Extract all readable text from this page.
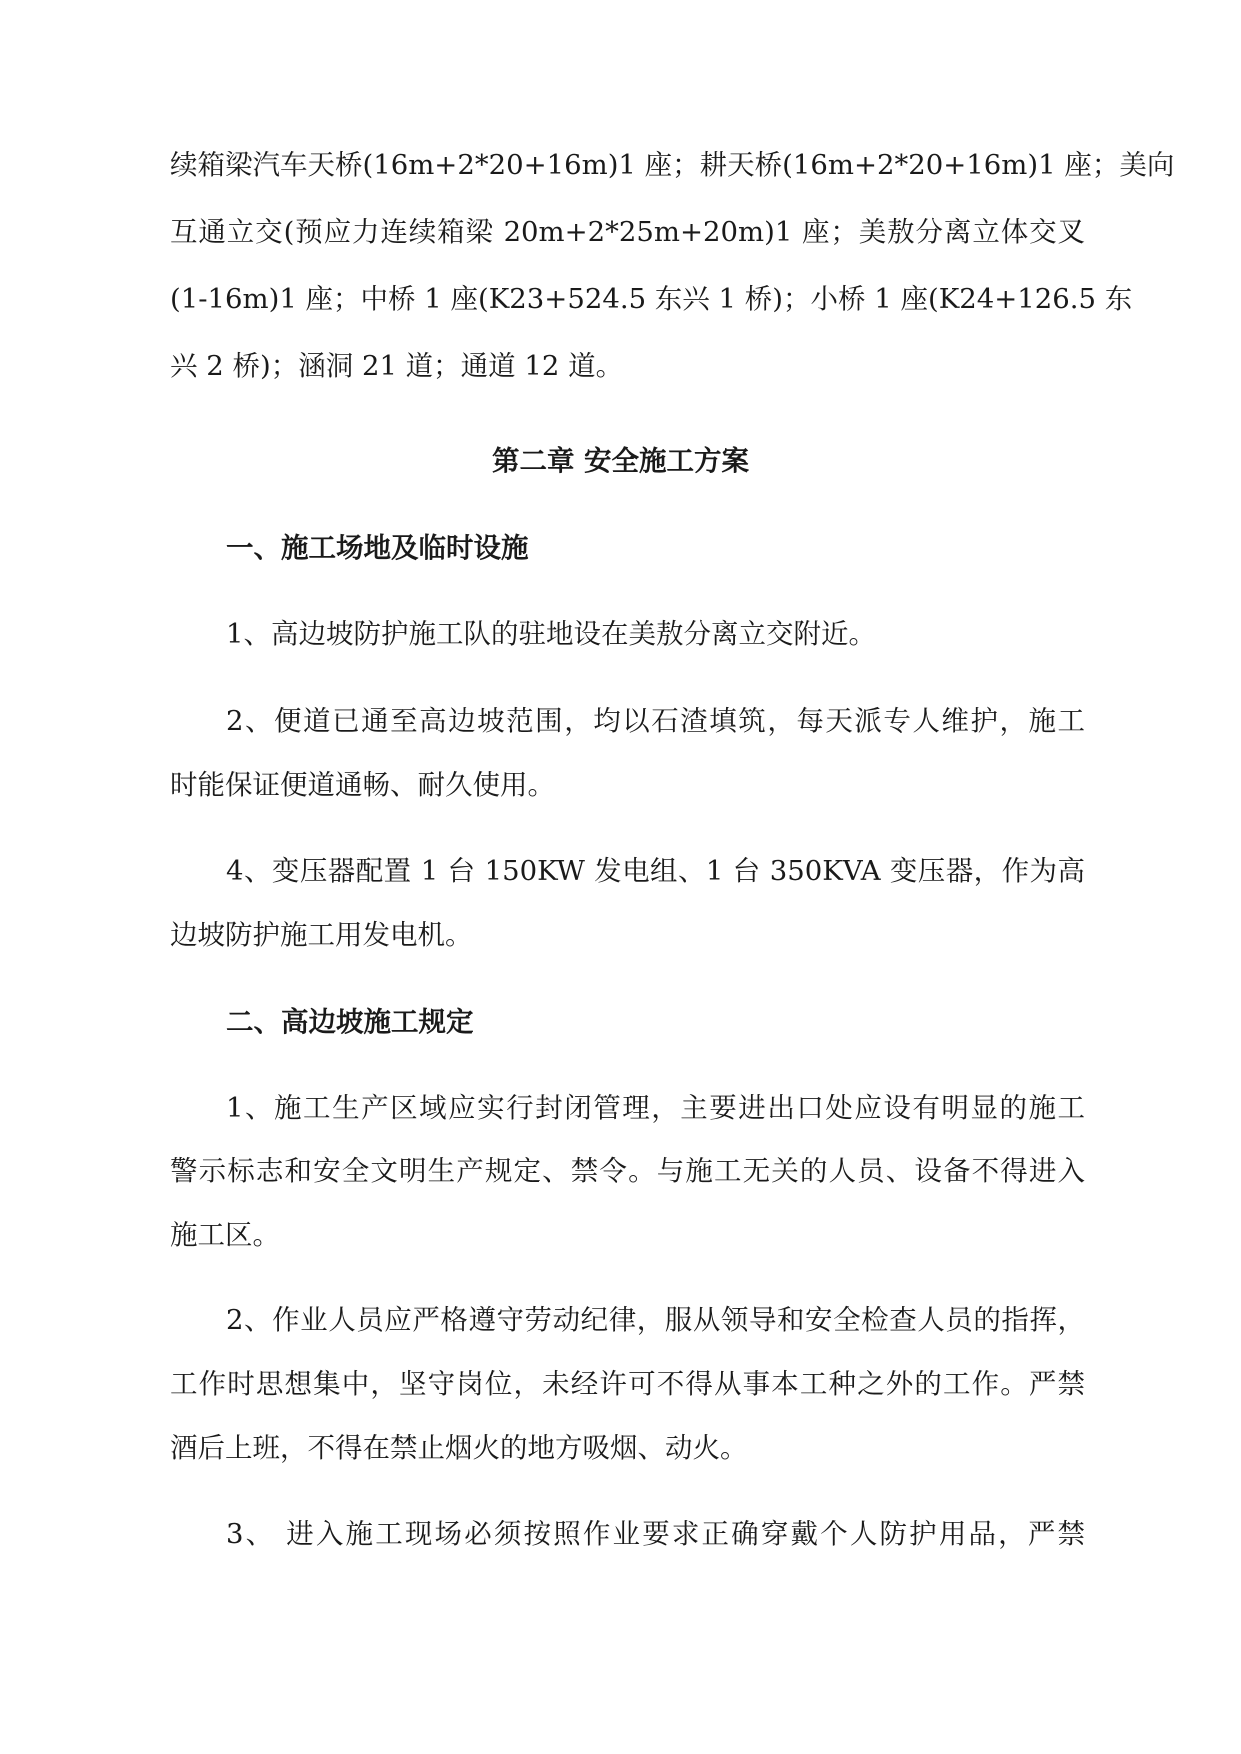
续箱梁汽车天桥(16m+2*20+16m)1 座；耕天桥(16m+2*20+16m)1 座；美向
互通立交(预应力连续箱梁 20m+2*25m+20m)1 座；美敖分离立体交叉
(1-16m)1 座；中桥 1 座(K23+524.5 东兴 1 桥)；小桥 1 座(K24+126.5 东
兴 2 桥)；涵洞 21 道；通道 12 道。
第二章 安全施工方案
一、施工场地及临时设施
1、高边坡防护施工队的驻地设在美敖分离立交附近。
2、便道已通至高边坡范围，均以石渣填筑，每天派专人维护，施工
时能保证便道通畅、耐久使用。
4、变压器配置 1 台 150KW 发电组、1 台 350KVA 变压器，作为高
边坡防护施工用发电机。
二、高边坡施工规定
1、施工生产区域应实行封闭管理，主要进出口处应设有明显的施工
警示标志和安全文明生产规定、禁令。与施工无关的人员、设备不得进入
施工区。
2、作业人员应严格遵守劳动纪律，服从领导和安全检查人员的指挥，
工作时思想集中，坚守岗位，未经许可不得从事本工种之外的工作。严禁
酒后上班，不得在禁止烟火的地方吸烟、动火。
3、 进入施工现场必须按照作业要求正确穿戴个人防护用品，严禁
